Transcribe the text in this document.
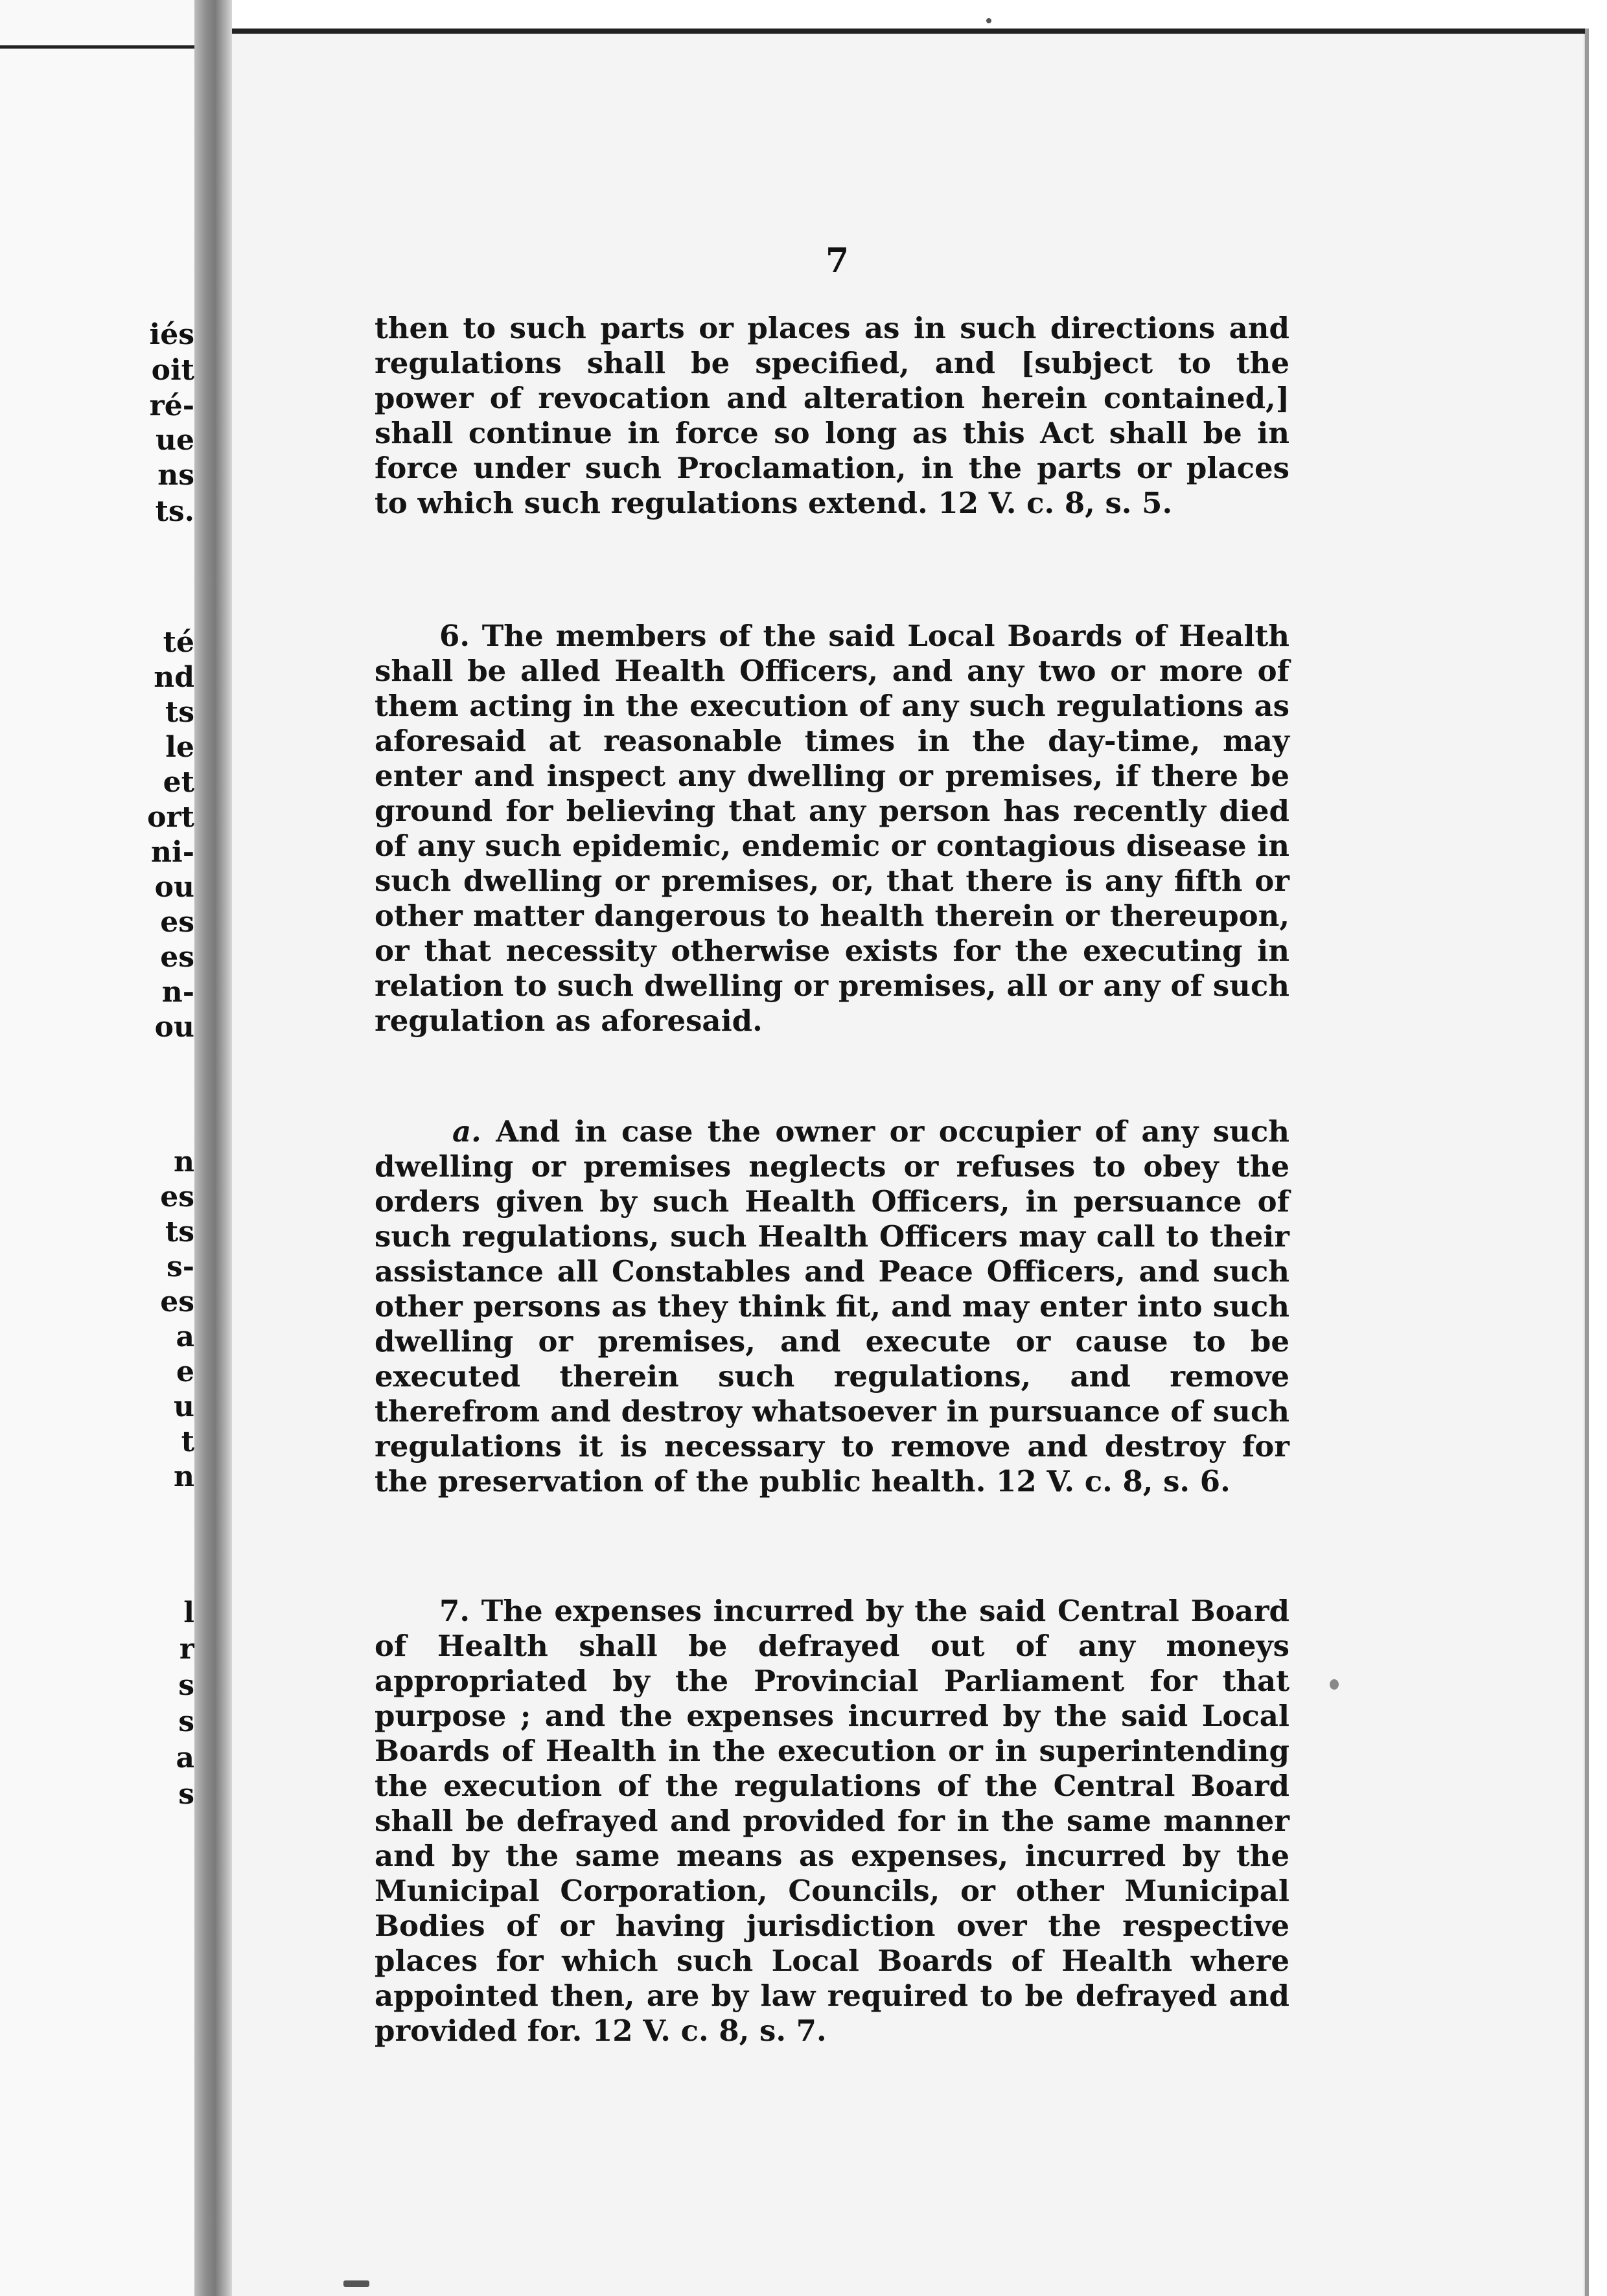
iés
oit
ré-
ue
ns
ts.
té
nd
ts
le
et
ort
ni-
ou
es
es
n-
ou
n
es
ts
s-
es
a
e
u
t
n
l
r
s
s
a
s
7

then to such parts or places as in such directions and regulations shall be specified, and [subject to the power of revocation and alteration herein contained,] shall continue in force so long as this Act shall be in force under such Proclamation, in the parts or places to which such regulations extend. 12 V. c. 8, s. 5.

6. The members of the said Local Boards of Health shall be alled Health Officers, and any two or more of them acting in the execution of any such regulations as aforesaid at reasonable times in the day-time, may enter and inspect any dwelling or premises, if there be ground for believing that any person has recently died of any such epidemic, endemic or contagious disease in such dwelling or premises, or, that there is any fifth or other matter dangerous to health therein or thereupon, or that necessity otherwise exists for the executing in relation to such dwelling or premises, all or any of such regulation as aforesaid.

a. And in case the owner or occupier of any such dwelling or premises neglects or refuses to obey the orders given by such Health Officers, in persuance of such regulations, such Health Officers may call to their assistance all Constables and Peace Officers, and such other persons as they think fit, and may enter into such dwelling or premises, and execute or cause to be executed therein such regulations, and remove therefrom and destroy whatsoever in pursuance of such regulations it is necessary to remove and destroy for the preservation of the public health. 12 V. c. 8, s. 6.

7. The expenses incurred by the said Central Board of Health shall be defrayed out of any moneys appropriated by the Provincial Parliament for that purpose ; and the expenses incurred by the said Local Boards of Health in the execution or in superintending the execution of the regulations of the Central Board shall be defrayed and provided for in the same manner and by the same means as expenses, incurred by the Municipal Corporation, Councils, or other Municipal Bodies of or having jurisdiction over the respective places for which such Local Boards of Health where appointed then, are by law required to be defrayed and provided for. 12 V. c. 8, s. 7.
